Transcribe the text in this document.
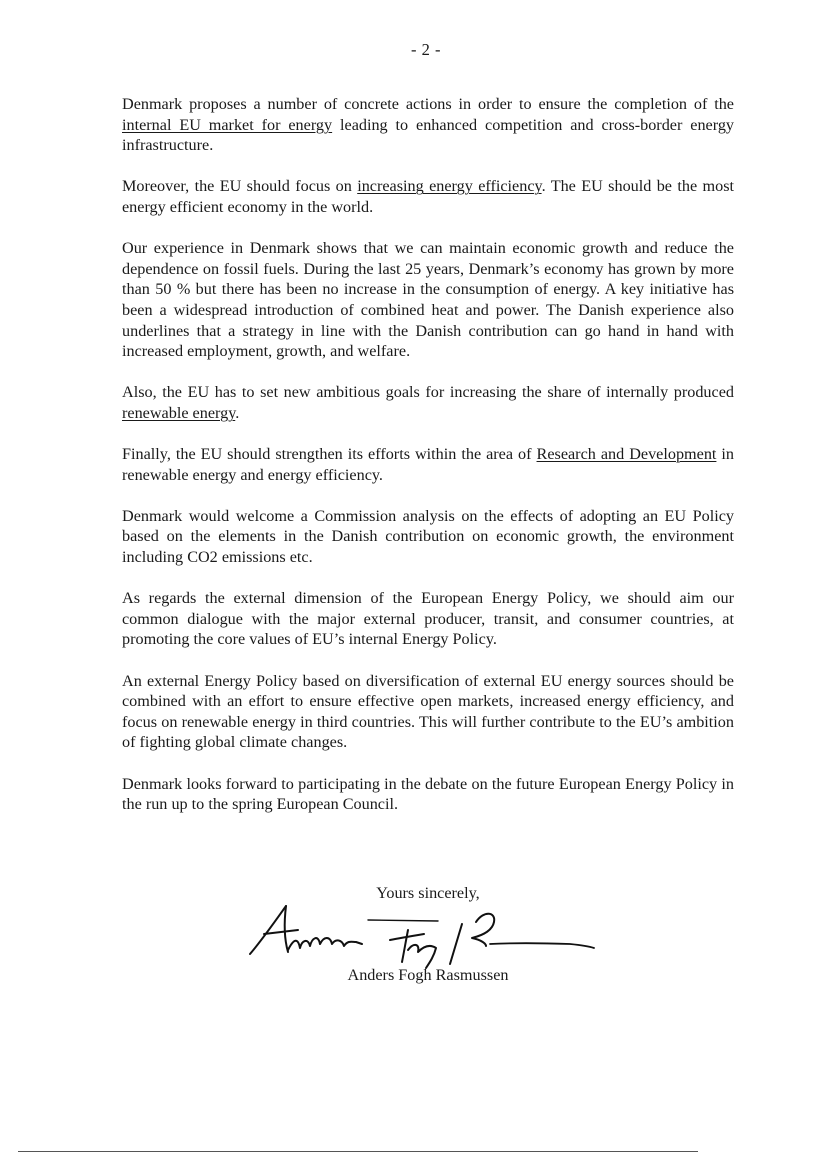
- 2 -

Denmark proposes a number of concrete actions in order to ensure the completion of the internal EU market for energy leading to enhanced competition and cross-border energy infrastructure.

Moreover, the EU should focus on increasing energy efficiency. The EU should be the most energy efficient economy in the world.

Our experience in Denmark shows that we can maintain economic growth and reduce the dependence on fossil fuels. During the last 25 years, Denmark’s economy has grown by more than 50 % but there has been no increase in the consumption of energy. A key initiative has been a widespread introduction of combined heat and power. The Danish experience also underlines that a strategy in line with the Danish contribution can go hand in hand with increased employment, growth, and welfare.

Also, the EU has to set new ambitious goals for increasing the share of internally produced renewable energy.

Finally, the EU should strengthen its efforts within the area of Research and Development in renewable energy and energy efficiency.

Denmark would welcome a Commission analysis on the effects of adopting an EU Policy based on the elements in the Danish contribution on economic growth, the environment including CO2 emissions etc.

As regards the external dimension of the European Energy Policy, we should aim our common dialogue with the major external producer, transit, and consumer countries, at promoting the core values of EU’s internal Energy Policy.

An external Energy Policy based on diversification of external EU energy sources should be combined with an effort to ensure effective open markets, increased energy efficiency, and focus on renewable energy in third countries. This will further contribute to the EU’s ambition of fighting global climate changes.

Denmark looks forward to participating in the debate on the future European Energy Policy in the run up to the spring European Council.

Yours sincerely,
Anders Fogh Rasmussen
